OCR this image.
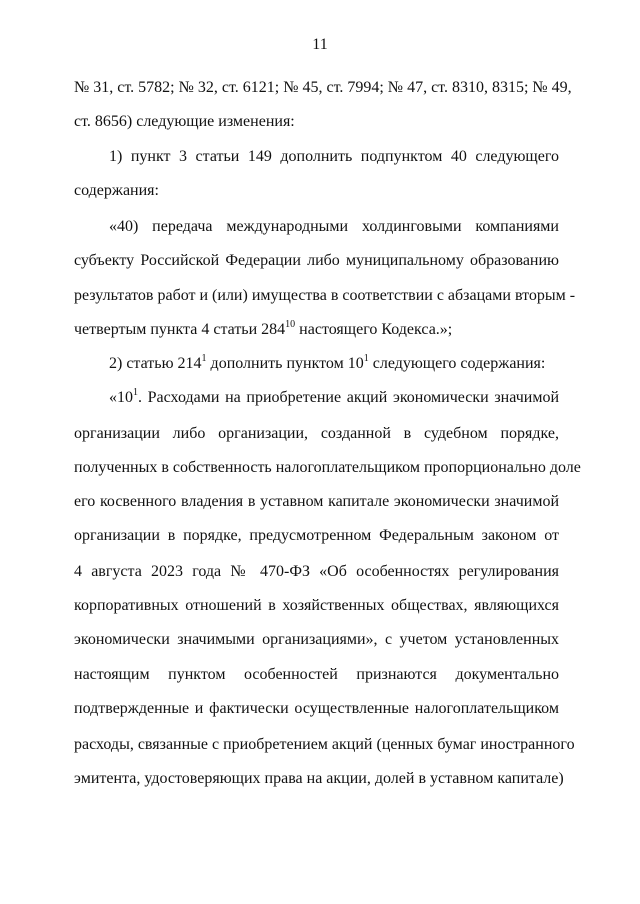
11
№ 31, ст. 5782; № 32, ст. 6121; № 45, ст. 7994; № 47, ст. 8310, 8315; № 49,
ст. 8656) следующие изменения:
1) пункт 3 статьи 149 дополнить подпунктом 40 следующего
содержания:
«40) передача международными холдинговыми компаниями
субъекту Российской Федерации либо муниципальному образованию
результатов работ и (или) имущества в соответствии с абзацами вторым -
четвертым пункта 4 статьи $284^{10}$ настоящего Кодекса.»;
2) статью $214^1$ дополнить пунктом $10^1$ следующего содержания:
«$10^1$. Расходами на приобретение акций экономически значимой
организации либо организации, созданной в судебном порядке,
полученных в собственность налогоплательщиком пропорционально доле
его косвенного владения в уставном капитале экономически значимой
организации в порядке, предусмотренном Федеральным законом от
4 августа 2023 года № 470-ФЗ «Об особенностях регулирования
корпоративных отношений в хозяйственных обществах, являющихся
экономически значимыми организациями», с учетом установленных
настоящим пунктом особенностей признаются документально
подтвержденные и фактически осуществленные налогоплательщиком
расходы, связанные с приобретением акций (ценных бумаг иностранного
эмитента, удостоверяющих права на акции, долей в уставном капитале)
